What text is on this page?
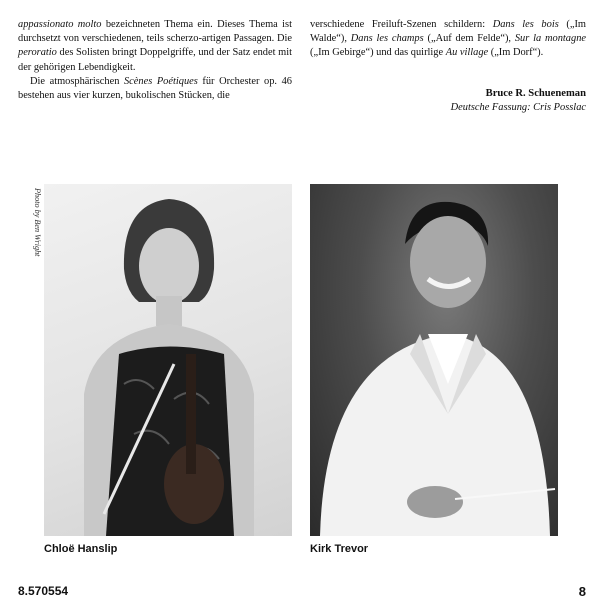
appassionato molto bezeichneten Thema ein. Dieses Thema ist durchsetzt von verschiedenen, teils scherzo-artigen Passagen. Die peroratio des Solisten bringt Doppelgriffe, und der Satz endet mit der gehörigen Lebendigkeit.

Die atmosphärischen Scènes Poétiques für Orchester op. 46 bestehen aus vier kurzen, bukolischen Stücken, die

verschiedene Freiluft-Szenen schildern: Dans les bois („Im Walde“), Dans les champs („Auf dem Felde“), Sur la montagne („Im Gebirge“) und das quirlige Au village („Im Dorf“).

Bruce R. Schueneman
Deutsche Fassung: Cris Posslac
Photo by Ben Wright
Chloë Hanslip	Kirk Trevor
8.570554	8
